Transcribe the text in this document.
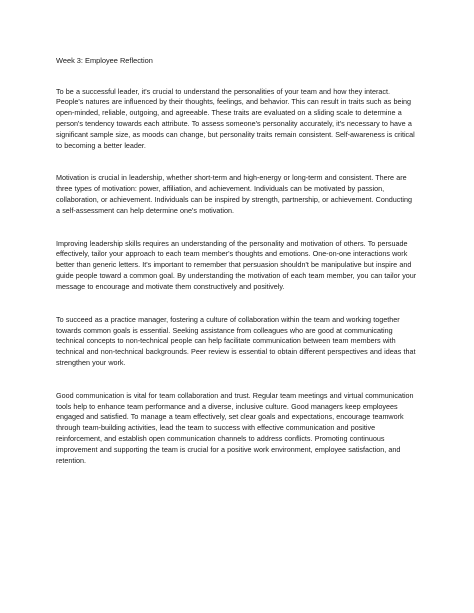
Week 3: Employee Reflection

To be a successful leader, it's crucial to understand the personalities of your team and how they interact. People's natures are influenced by their thoughts, feelings, and behavior. This can result in traits such as being open-minded, reliable, outgoing, and agreeable. These traits are evaluated on a sliding scale to determine a person's tendency towards each attribute. To assess someone's personality accurately, it's necessary to have a significant sample size, as moods can change, but personality traits remain consistent. Self-awareness is critical to becoming a better leader.

Motivation is crucial in leadership, whether short-term and high-energy or long-term and consistent. There are three types of motivation: power, affiliation, and achievement. Individuals can be motivated by passion, collaboration, or achievement. Individuals can be inspired by strength, partnership, or achievement. Conducting a self-assessment can help determine one's motivation.

Improving leadership skills requires an understanding of the personality and motivation of others. To persuade effectively, tailor your approach to each team member's thoughts and emotions. One-on-one interactions work better than generic letters. It's important to remember that persuasion shouldn't be manipulative but inspire and guide people toward a common goal. By understanding the motivation of each team member, you can tailor your message to encourage and motivate them constructively and positively.

To succeed as a practice manager, fostering a culture of collaboration within the team and working together towards common goals is essential. Seeking assistance from colleagues who are good at communicating technical concepts to non-technical people can help facilitate communication between team members with technical and non-technical backgrounds. Peer review is essential to obtain different perspectives and ideas that strengthen your work.

Good communication is vital for team collaboration and trust. Regular team meetings and virtual communication tools help to enhance team performance and a diverse, inclusive culture. Good managers keep employees engaged and satisfied. To manage a team effectively, set clear goals and expectations, encourage teamwork through team-building activities, lead the team to success with effective communication and positive reinforcement, and establish open communication channels to address conflicts. Promoting continuous improvement and supporting the team is crucial for a positive work environment, employee satisfaction, and retention.
